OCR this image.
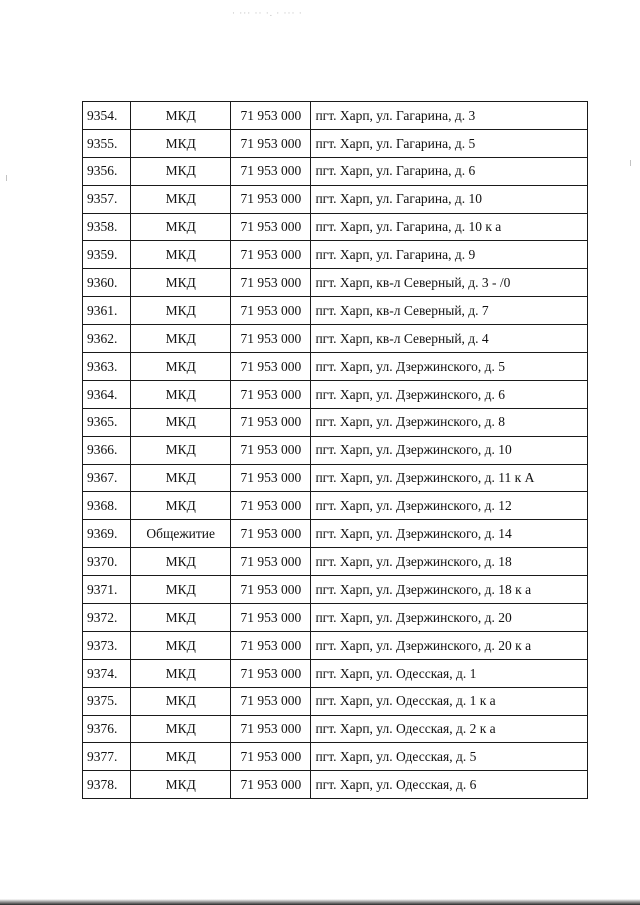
· ··· ·· ·. · ··· ·
9354.	МКД	71 953 000	пгт. Харп, ул. Гагарина, д. 3
9355.	МКД	71 953 000	пгт. Харп, ул. Гагарина, д. 5
9356.	МКД	71 953 000	пгт. Харп, ул. Гагарина, д. 6
9357.	МКД	71 953 000	пгт. Харп, ул. Гагарина, д. 10
9358.	МКД	71 953 000	пгт. Харп, ул. Гагарина, д. 10 к а
9359.	МКД	71 953 000	пгт. Харп, ул. Гагарина, д. 9
9360.	МКД	71 953 000	пгт. Харп, кв-л Северный, д. 3 - /0
9361.	МКД	71 953 000	пгт. Харп, кв-л Северный, д. 7
9362.	МКД	71 953 000	пгт. Харп, кв-л Северный, д. 4
9363.	МКД	71 953 000	пгт. Харп, ул. Дзержинского, д. 5
9364.	МКД	71 953 000	пгт. Харп, ул. Дзержинского, д. 6
9365.	МКД	71 953 000	пгт. Харп, ул. Дзержинского, д. 8
9366.	МКД	71 953 000	пгт. Харп, ул. Дзержинского, д. 10
9367.	МКД	71 953 000	пгт. Харп, ул. Дзержинского, д. 11 к А
9368.	МКД	71 953 000	пгт. Харп, ул. Дзержинского, д. 12
9369.	Общежитие	71 953 000	пгт. Харп, ул. Дзержинского, д. 14
9370.	МКД	71 953 000	пгт. Харп, ул. Дзержинского, д. 18
9371.	МКД	71 953 000	пгт. Харп, ул. Дзержинского, д. 18 к а
9372.	МКД	71 953 000	пгт. Харп, ул. Дзержинского, д. 20
9373.	МКД	71 953 000	пгт. Харп, ул. Дзержинского, д. 20 к а
9374.	МКД	71 953 000	пгт. Харп, ул. Одесская, д. 1
9375.	МКД	71 953 000	пгт. Харп, ул. Одесская, д. 1 к а
9376.	МКД	71 953 000	пгт. Харп, ул. Одесская, д. 2 к а
9377.	МКД	71 953 000	пгт. Харп, ул. Одесская, д. 5
9378.	МКД	71 953 000	пгт. Харп, ул. Одесская, д. 6
